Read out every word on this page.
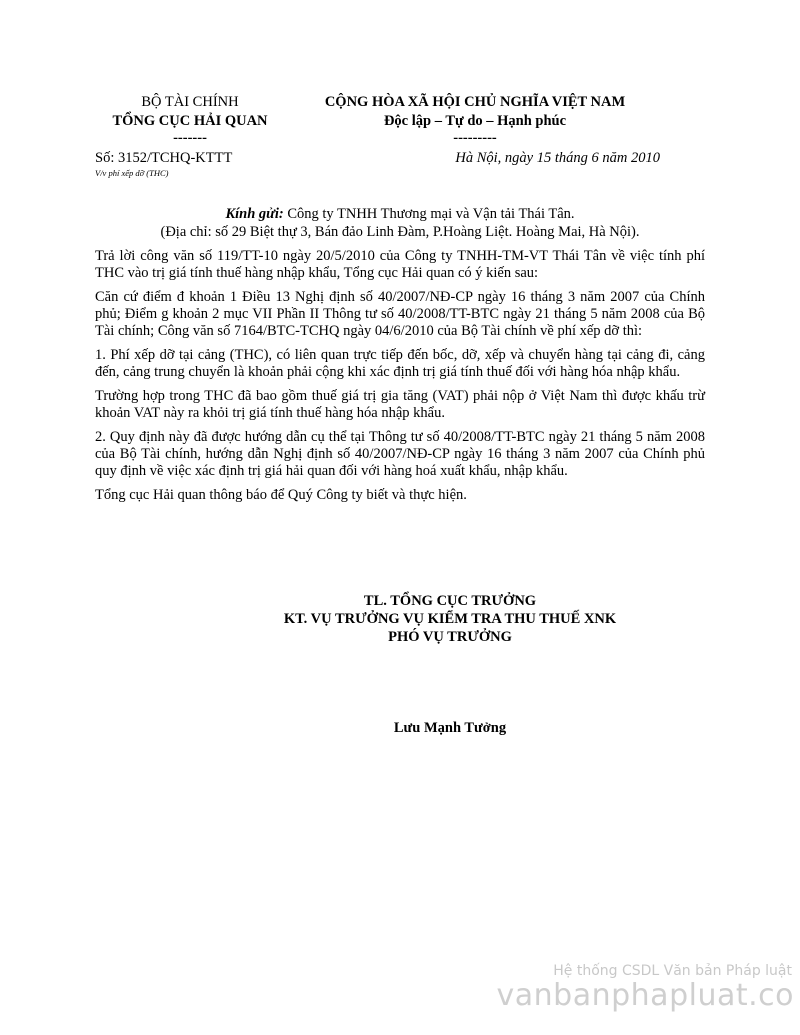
BỘ TÀI CHÍNH
TỔNG CỤC HẢI QUAN
-------
CỘNG HÒA XÃ HỘI CHỦ NGHĨA VIỆT NAM
Độc lập – Tự do – Hạnh phúc
---------
Số: 3152/TCHQ-KTTT
V/v phí xếp dỡ (THC)
Hà Nội, ngày 15 tháng 6 năm 2010
Kính gửi: Công ty TNHH Thương mại và Vận tải Thái Tân.
(Địa chỉ: số 29 Biệt thự 3, Bán đảo Linh Đàm, P.Hoàng Liệt. Hoàng Mai, Hà Nội).

Trả lời công văn số 119/TT-10 ngày 20/5/2010 của Công ty TNHH-TM-VT Thái Tân về việc tính phí THC vào trị giá tính thuế hàng nhập khẩu, Tổng cục Hải quan có ý kiến sau:

Căn cứ điểm đ khoản 1 Điều 13 Nghị định số 40/2007/NĐ-CP ngày 16 tháng 3 năm 2007 của Chính phủ; Điểm g khoản 2 mục VII Phần II Thông tư số 40/2008/TT-BTC ngày 21 tháng 5 năm 2008 của Bộ Tài chính; Công văn số 7164/BTC-TCHQ ngày 04/6/2010 của Bộ Tài chính về phí xếp dỡ thì:

1. Phí xếp dỡ tại cảng (THC), có liên quan trực tiếp đến bốc, dỡ, xếp và chuyển hàng tại cảng đi, cảng đến, cảng trung chuyển là khoản phải cộng khi xác định trị giá tính thuế đối với hàng hóa nhập khẩu.

Trường hợp trong THC đã bao gồm thuế giá trị gia tăng (VAT) phải nộp ở Việt Nam thì được khấu trừ khoản VAT này ra khỏi trị giá tính thuế hàng hóa nhập khẩu.

2. Quy định này đã được hướng dẫn cụ thể tại Thông tư số 40/2008/TT-BTC ngày 21 tháng 5 năm 2008 của Bộ Tài chính, hướng dẫn Nghị định số 40/2007/NĐ-CP ngày 16 tháng 3 năm 2007 của Chính phủ quy định về việc xác định trị giá hải quan đối với hàng hoá xuất khẩu, nhập khẩu.

Tổng cục Hải quan thông báo để Quý Công ty biết và thực hiện.

TL. TỔNG CỤC TRƯỞNG
KT. VỤ TRƯỞNG VỤ KIỂM TRA THU THUẾ XNK
PHÓ VỤ TRƯỞNG
Lưu Mạnh Tưởng
Hệ thống CSDL Văn bản Pháp luật
vanbanphapluat.co
